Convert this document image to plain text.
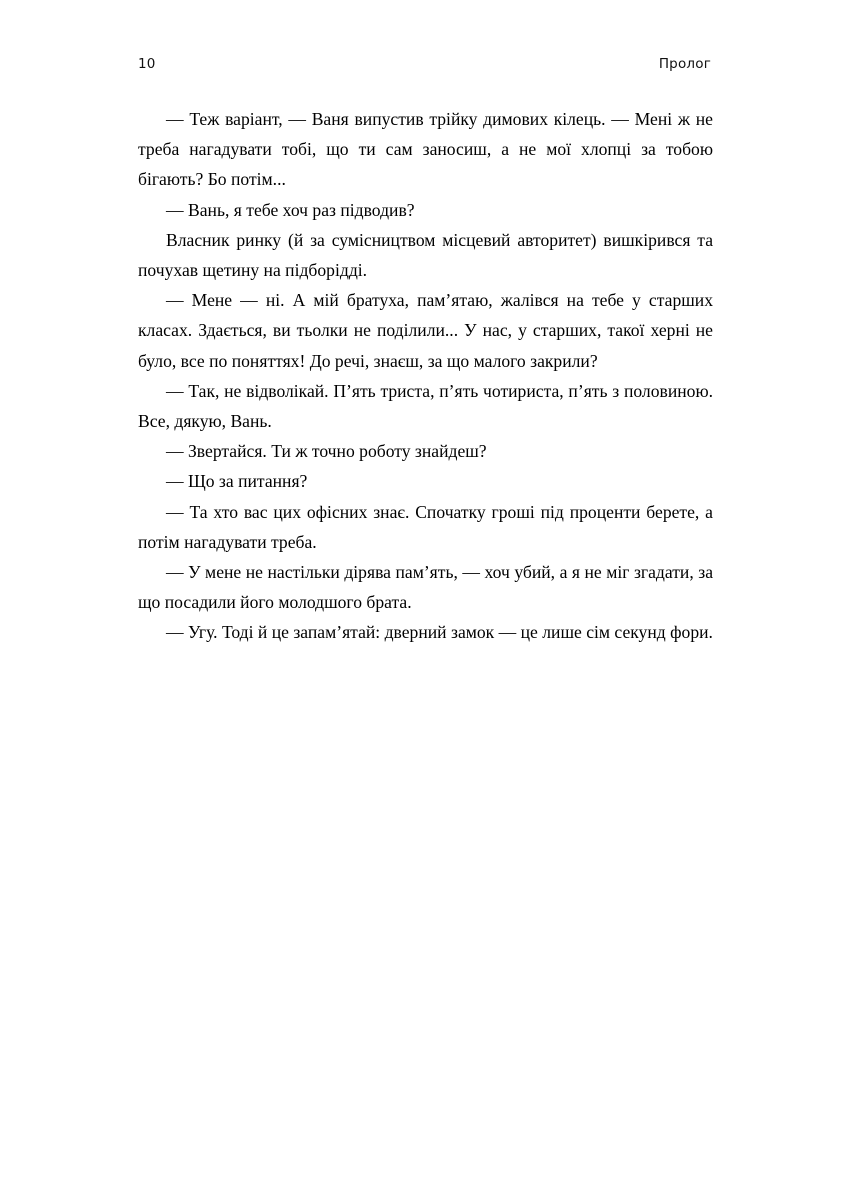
10	Пролог

— Теж варіант, — Ваня випустив трійку димових кілець. — Мені ж не треба нагадувати тобі, що ти сам заносиш, а не мої хлопці за тобою бігають? Бо потім...

— Вань, я тебе хоч раз підводив?

Власник ринку (й за сумісництвом місцевий авторитет) вишкірився та почухав щетину на підборідді.

— Мене — ні. А мій братуха, пам’ятаю, жалівся на тебе у старших класах. Здається, ви тьолки не поділили... У нас, у старших, такої херні не було, все по поняттях! До речі, знаєш, за що малого закрили?

— Так, не відволікай. П’ять триста, п’ять чотириста, п’ять з половиною. Все, дякую, Вань.

— Звертайся. Ти ж точно роботу знайдеш?

— Що за питання?

— Та хто вас цих офісних знає. Спочатку гроші під проценти берете, а потім нагадувати треба.

— У мене не настільки дірява пам’ять, — хоч убий, а я не міг згадати, за що посадили його молодшого брата.

— Угу. Тоді й це запам’ятай: дверний замок — це лише сім секунд фори.
